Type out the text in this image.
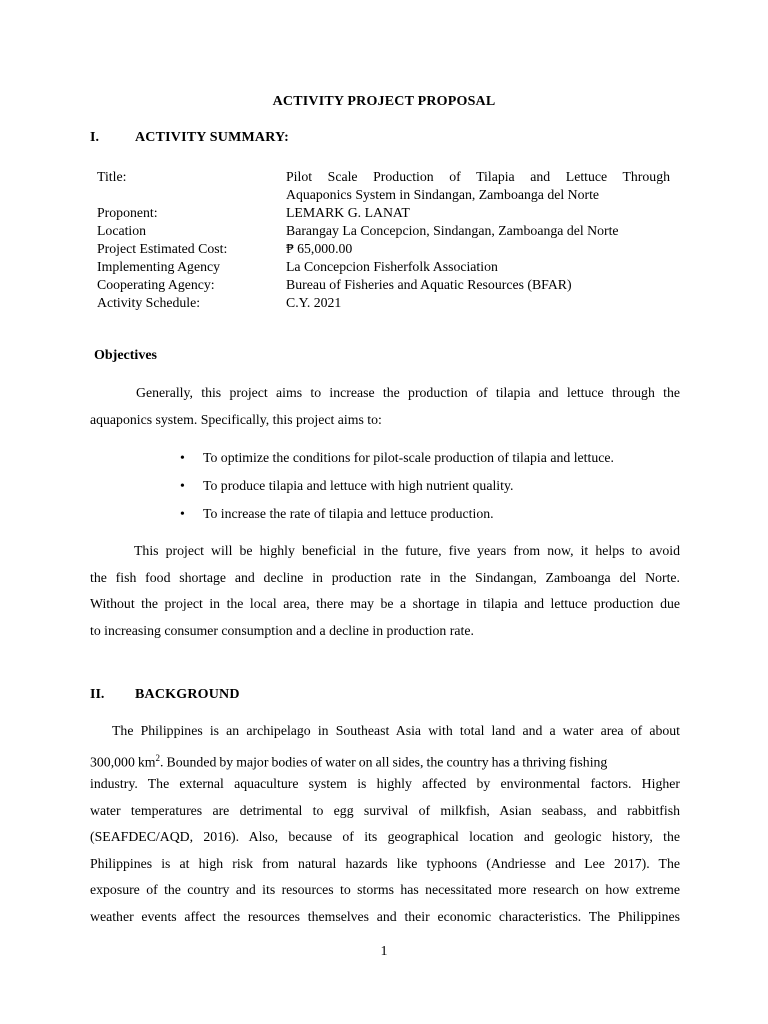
ACTIVITY PROJECT PROPOSAL
I.	ACTIVITY SUMMARY:
Title:	Pilot Scale Production of Tilapia and Lettuce Through
Aquaponics System in Sindangan, Zamboanga del Norte
Proponent:	LEMARK G. LANAT
Location	Barangay La Concepcion, Sindangan, Zamboanga del Norte
Project Estimated Cost:	₱ 65,000.00
Implementing Agency	La Concepcion Fisherfolk Association
Cooperating Agency:	Bureau of Fisheries and Aquatic Resources (BFAR)
Activity Schedule:	C.Y. 2021
Objectives
Generally, this project aims to increase the production of tilapia and lettuce through the
aquaponics system. Specifically, this project aims to:
• To optimize the conditions for pilot-scale production of tilapia and lettuce.
• To produce tilapia and lettuce with high nutrient quality.
• To increase the rate of tilapia and lettuce production.
This project will be highly beneficial in the future, five years from now, it helps to avoid
the fish food shortage and decline in production rate in the Sindangan, Zamboanga del Norte.
Without the project in the local area, there may be a shortage in tilapia and lettuce production due
to increasing consumer consumption and a decline in production rate.
II. BACKGROUND
The Philippines is an archipelago in Southeast Asia with total land and a water area of about
300,000 $km^2$. Bounded by major bodies of water on all sides, the country has a thriving fishing
industry. The external aquaculture system is highly affected by environmental factors. Higher
water temperatures are detrimental to egg survival of milkfish, Asian seabass, and rabbitfish
(SEAFDEC/AQD, 2016). Also, because of its geographical location and geologic history, the
Philippines is at high risk from natural hazards like typhoons (Andriesse and Lee 2017). The
exposure of the country and its resources to storms has necessitated more research on how extreme
weather events affect the resources themselves and their economic characteristics. The Philippines
1
